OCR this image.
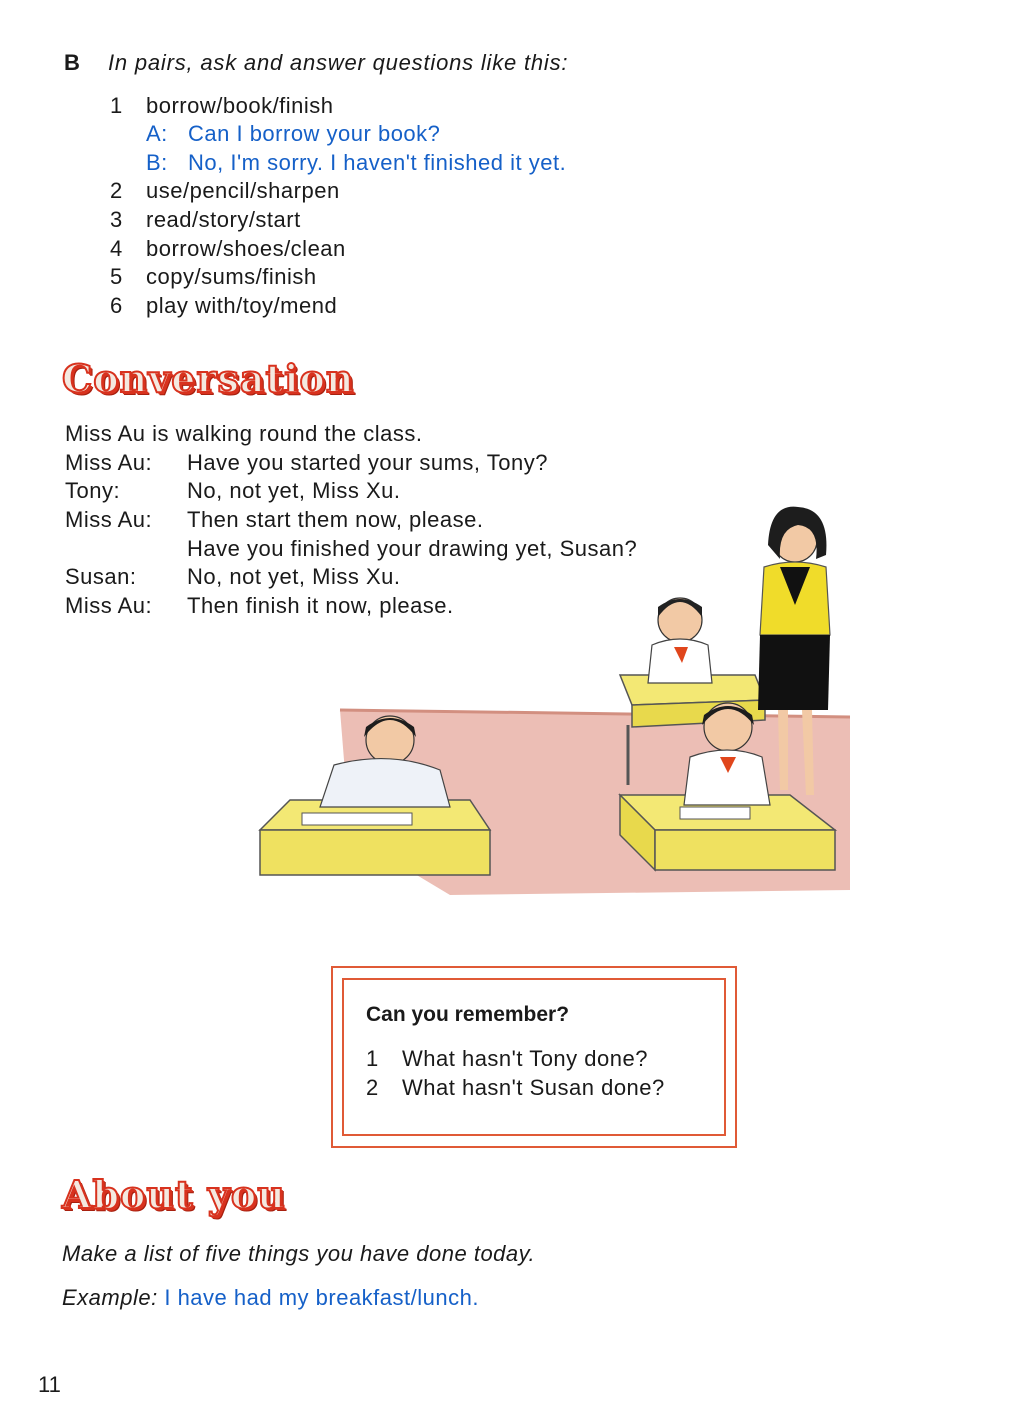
B In pairs, ask and answer questions like this:
1 borrow/book/finish
A: Can I borrow your book?
B: No, I'm sorry. I haven't finished it yet.
2 use/pencil/sharpen
3 read/story/start
4 borrow/shoes/clean
5 copy/sums/finish
6 play with/toy/mend
Conversation
Miss Au is walking round the class.
Miss Au: Have you started your sums, Tony?
Tony:	No, not yet, Miss Xu.
Miss Au: Then start them now, please.
Have you finished your drawing yet, Susan?
Susan: No, not yet, Miss Xu.
Miss Au: Then finish it now, please.
Can you remember?
1 What hasn't Tony done?
2 What hasn't Susan done?
About you
Make a list of five things you have done today.
Example: I have had my breakfast/lunch.
11
